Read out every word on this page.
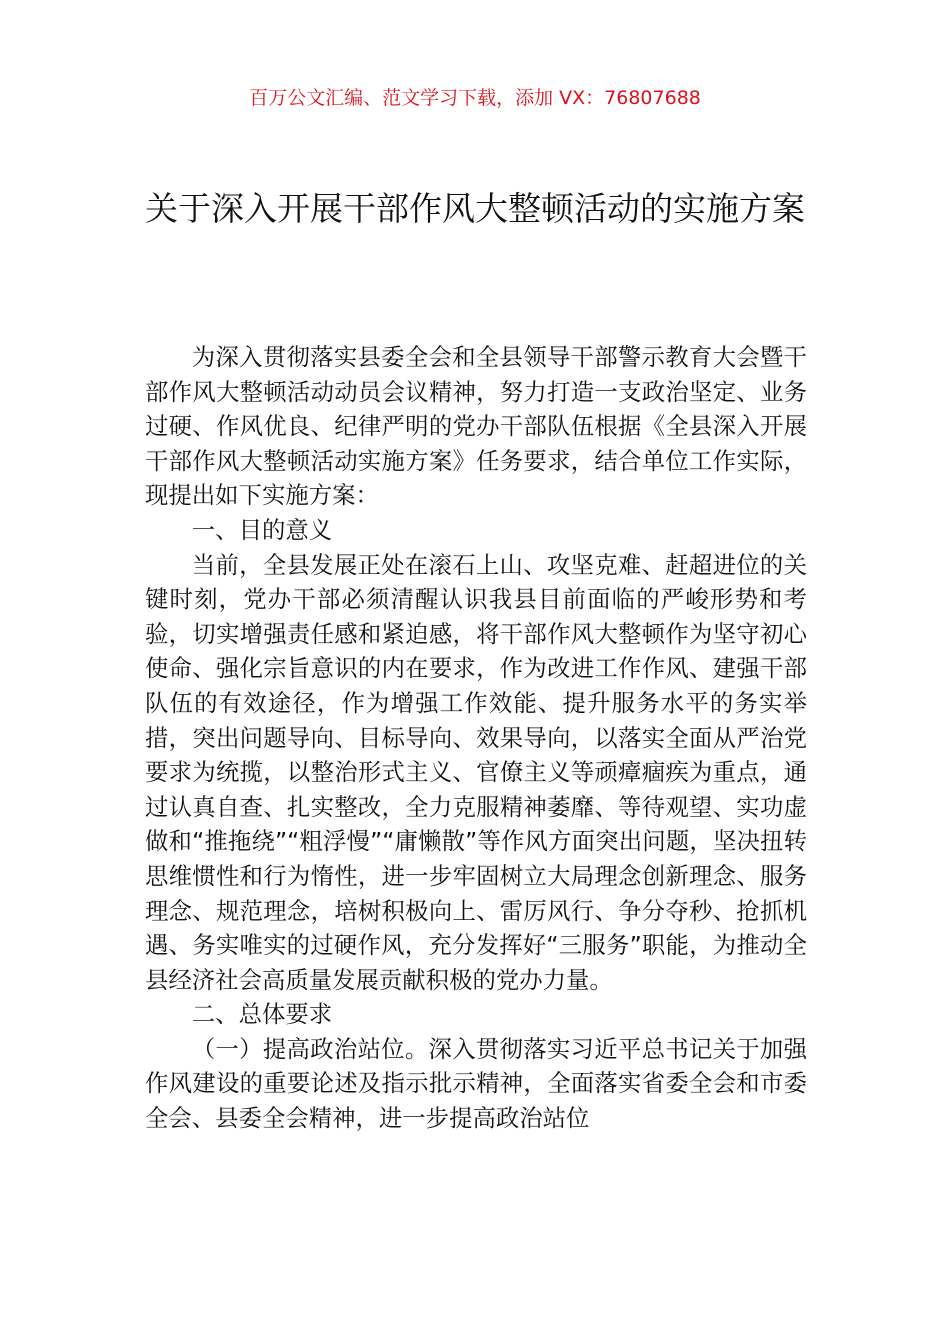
百万公文汇编、范文学习下载，添加 VX：76807688
关于深入开展干部作风大整顿活动的实施方案

为深入贯彻落实县委全会和全县领导干部警示教育大会暨干部作风大整顿活动动员会议精神，努力打造一支政治坚定、业务过硬、作风优良、纪律严明的党办干部队伍根据《全县深入开展干部作风大整顿活动实施方案》任务要求，结合单位工作实际，现提出如下实施方案：

一、目的意义

当前，全县发展正处在滚石上山、攻坚克难、赶超进位的关键时刻，党办干部必须清醒认识我县目前面临的严峻形势和考验，切实增强责任感和紧迫感，将干部作风大整顿作为坚守初心使命、强化宗旨意识的内在要求，作为改进工作作风、建强干部队伍的有效途径，作为增强工作效能、提升服务水平的务实举措，突出问题导向、目标导向、效果导向，以落实全面从严治党要求为统揽，以整治形式主义、官僚主义等顽瘴痼疾为重点，通过认真自查、扎实整改，全力克服精神萎靡、等待观望、实功虚做和“推拖绕”“粗浮慢”“庸懒散”等作风方面突出问题，坚决扭转思维惯性和行为惰性，进一步牢固树立大局理念创新理念、服务理念、规范理念，培树积极向上、雷厉风行、争分夺秒、抢抓机遇、务实唯实的过硬作风，充分发挥好“三服务”职能，为推动全县经济社会高质量发展贡献积极的党办力量。

二、总体要求

（一）提高政治站位。深入贯彻落实习近平总书记关于加强作风建设的重要论述及指示批示精神，全面落实省委全会和市委全会、县委全会精神，进一步提高政治站位
